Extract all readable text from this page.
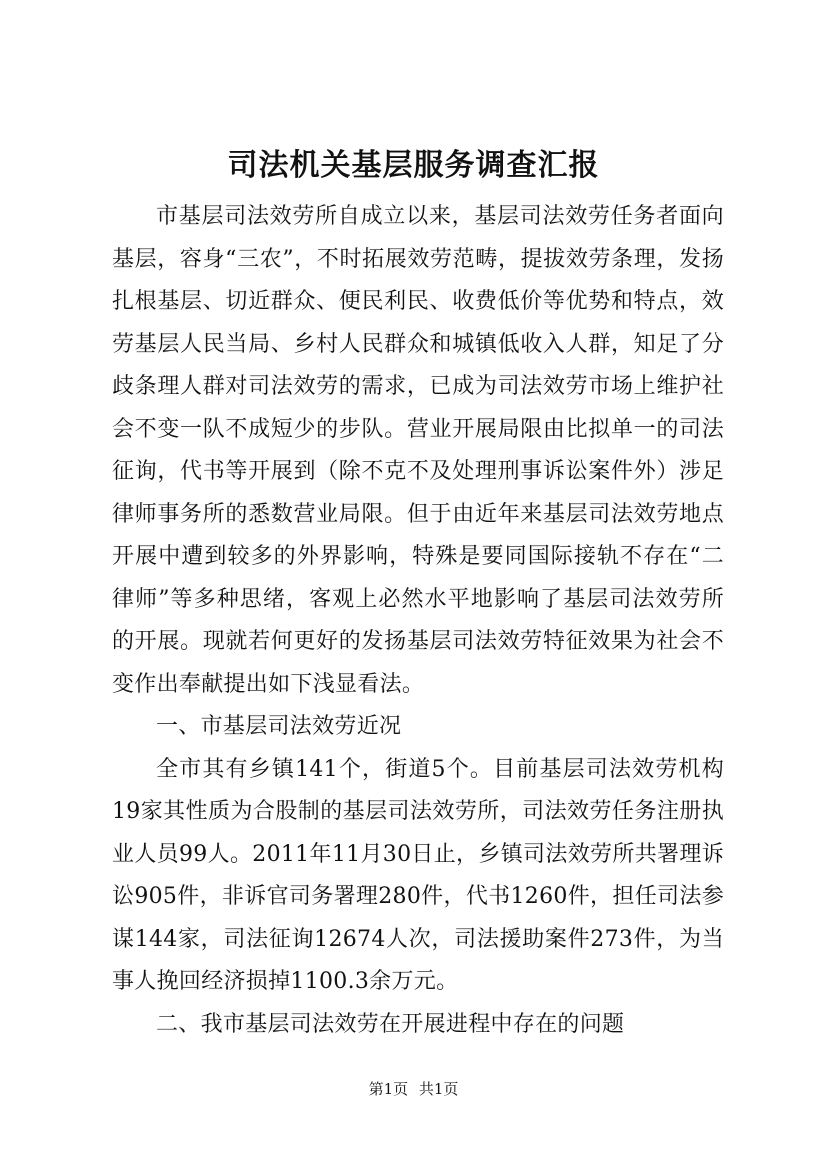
司法机关基层服务调查汇报

市基层司法效劳所自成立以来，基层司法效劳任务者面向基层，容身“三农”，不时拓展效劳范畴，提拔效劳条理，发扬扎根基层、切近群众、便民利民、收费低价等优势和特点，效劳基层人民当局、乡村人民群众和城镇低收入人群，知足了分歧条理人群对司法效劳的需求，已成为司法效劳市场上维护社会不变一队不成短少的步队。营业开展局限由比拟单一的司法征询，代书等开展到（除不克不及处理刑事诉讼案件外）涉足律师事务所的悉数营业局限。但于由近年来基层司法效劳地点开展中遭到较多的外界影响，特殊是要同国际接轨不存在“二律师”等多种思绪，客观上必然水平地影响了基层司法效劳所的开展。现就若何更好的发扬基层司法效劳特征效果为社会不变作出奉献提出如下浅显看法。

一、市基层司法效劳近况

全市其有乡镇141个，街道5个。目前基层司法效劳机构19家其性质为合股制的基层司法效劳所，司法效劳任务注册执业人员99人。2011年11月30日止，乡镇司法效劳所共署理诉讼905件，非诉官司务署理280件，代书1260件，担任司法参谋144家，司法征询12674人次，司法援助案件273件，为当事人挽回经济损掉1100.3余万元。

二、我市基层司法效劳在开展进程中存在的问题

第1页 共1页
